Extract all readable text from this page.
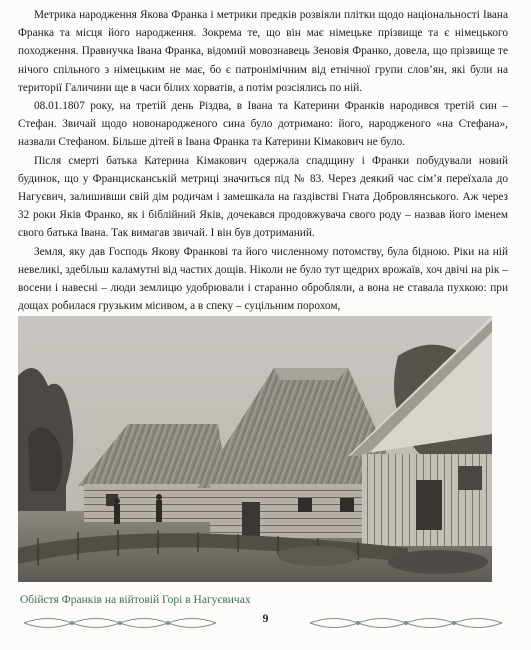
Метрика народження Якова Франка і метрики предків розвіяли плітки щодо національності Івана Франка та місця його народження. Зокрема те, що він має німецьке прізвище та є німецького походження. Правнучка Івана Франка, відомий мовознавець Зеновія Франко, довела, що прізвище те нічого спільного з німецьким не має, бо є патронімічним від етнічної групи слов’ян, які були на території Галичини ще в часи білих хорватів, а потім розсіялись по ній.

08.01.1807 року, на третій день Різдва, в Івана та Катерини Франків народився третій син – Стефан. Звичай щодо новонародженого сина було дотримано: його, народженого «на Стефана», назвали Стефаном. Більше дітей в Івана Франка та Катерини Кімакович не було.

Після смерті батька Катерина Кімакович одержала спадщину і Франки побудували новий будинок, що у Францисканській метриці значиться під № 83. Через деякий час сім’я переїхала до Нагуєвич, залишивши свій дім родичам і замешкала на ґаздівстві Гната Добровлянського. Аж через 32 роки Яків Франко, як і біблійний Яків, дочекався продовжувача свого роду – назвав його іменем свого батька Івана. Так вимагав звичай. І він був дотриманий.

Земля, яку дав Господь Якову Франкові та його численному потомству, була бідною. Ріки на ній невеликі, здебільш каламутні від частих дощів. Ніколи не було тут щедрих врожаїв, хоч двічі на рік – восени і навесні – люди землицю удобрювали і старанно обробляли, а вона не ставала пухкою: при дощах робилася грузьким місивом, а в спеку – суцільним порохом,

Обійстя Франків на війтовій Горі в Нагуєвичах
9
